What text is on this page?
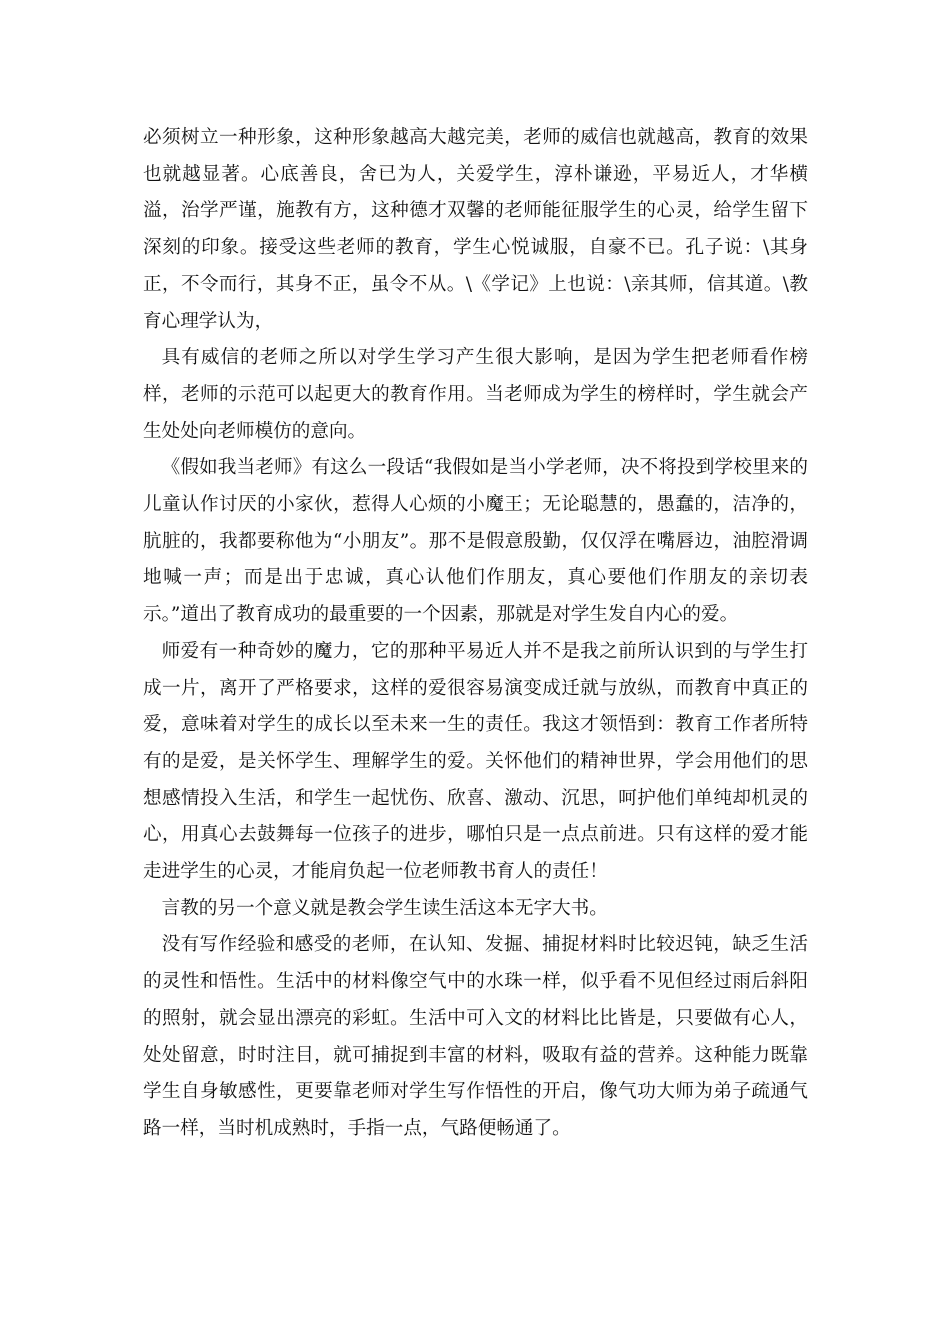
必须树立一种形象，这种形象越高大越完美，老师的威信也就越高，教育的效果也就越显著。心底善良，舍已为人，关爱学生，淳朴谦逊，平易近人，才华横溢，治学严谨，施教有方，这种德才双馨的老师能征服学生的心灵，给学生留下深刻的印象。接受这些老师的教育，学生心悦诚服，自豪不已。孔子说：\其身正，不令而行，其身不正，虽令不从。\《学记》上也说：\亲其师，信其道。\教育心理学认为，

具有威信的老师之所以对学生学习产生很大影响，是因为学生把老师看作榜样，老师的示范可以起更大的教育作用。当老师成为学生的榜样时，学生就会产生处处向老师模仿的意向。

《假如我当老师》有这么一段话“我假如是当小学老师，决不将投到学校里来的儿童认作讨厌的小家伙，惹得人心烦的小魔王；无论聪慧的，愚蠢的，洁净的，肮脏的，我都要称他为“小朋友”。那不是假意殷勤，仅仅浮在嘴唇边，油腔滑调地喊一声；而是出于忠诚，真心认他们作朋友，真心要他们作朋友的亲切表示。”道出了教育成功的最重要的一个因素，那就是对学生发自内心的爱。

师爱有一种奇妙的魔力，它的那种平易近人并不是我之前所认识到的与学生打成一片，离开了严格要求，这样的爱很容易演变成迁就与放纵，而教育中真正的爱，意味着对学生的成长以至未来一生的责任。我这才领悟到：教育工作者所特有的是爱，是关怀学生、理解学生的爱。关怀他们的精神世界，学会用他们的思想感情投入生活，和学生一起忧伤、欣喜、激动、沉思，呵护他们单纯却机灵的心，用真心去鼓舞每一位孩子的进步，哪怕只是一点点前进。只有这样的爱才能走进学生的心灵，才能肩负起一位老师教书育人的责任！

言教的另一个意义就是教会学生读生活这本无字大书。

没有写作经验和感受的老师，在认知、发掘、捕捉材料时比较迟钝，缺乏生活的灵性和悟性。生活中的材料像空气中的水珠一样，似乎看不见但经过雨后斜阳的照射，就会显出漂亮的彩虹。生活中可入文的材料比比皆是，只要做有心人，处处留意，时时注目，就可捕捉到丰富的材料，吸取有益的营养。这种能力既靠学生自身敏感性，更要靠老师对学生写作悟性的开启，像气功大师为弟子疏通气路一样，当时机成熟时，手指一点，气路便畅通了。
